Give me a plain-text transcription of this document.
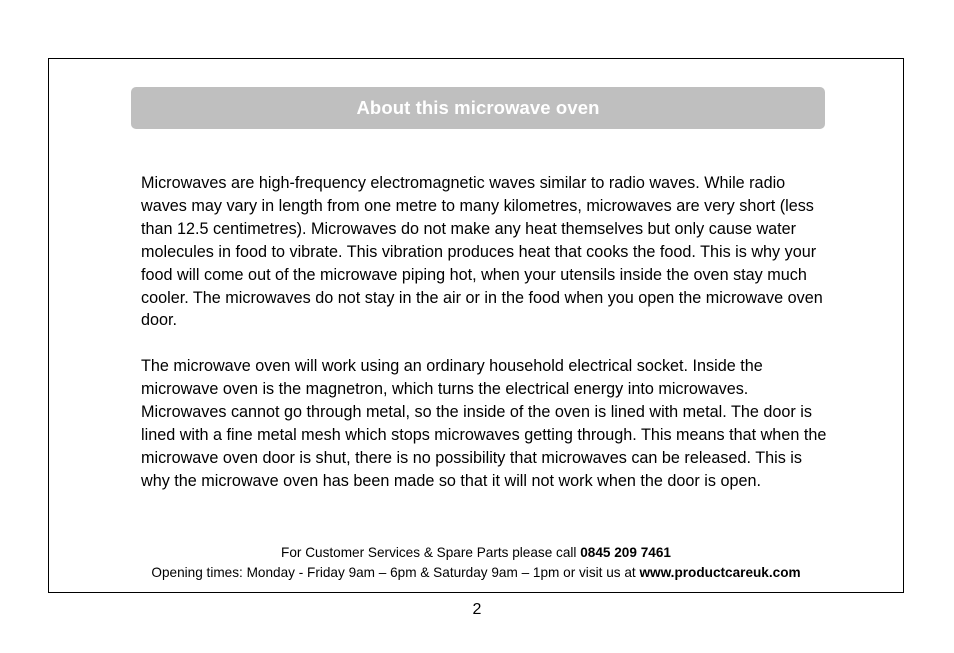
About this microwave oven

Microwaves are high-frequency electromagnetic waves similar to radio waves. While radio waves may vary in length from one metre to many kilometres, microwaves are very short (less than 12.5 centimetres). Microwaves do not make any heat themselves but only cause water molecules in food to vibrate. This vibration produces heat that cooks the food. This is why your food will come out of the microwave piping hot, when your utensils inside the oven stay much cooler. The microwaves do not stay in the air or in the food when you open the microwave oven door.

The microwave oven will work using an ordinary household electrical socket. Inside the microwave oven is the magnetron, which turns the electrical energy into microwaves. Microwaves cannot go through metal, so the inside of the oven is lined with metal. The door is lined with a fine metal mesh which stops microwaves getting through. This means that when the microwave oven door is shut, there is no possibility that microwaves can be released. This is why the microwave oven has been made so that it will not work when the door is open.

For Customer Services & Spare Parts please call 0845 209 7461
Opening times: Monday - Friday 9am – 6pm & Saturday 9am – 1pm or visit us at www.productcareuk.com
2
